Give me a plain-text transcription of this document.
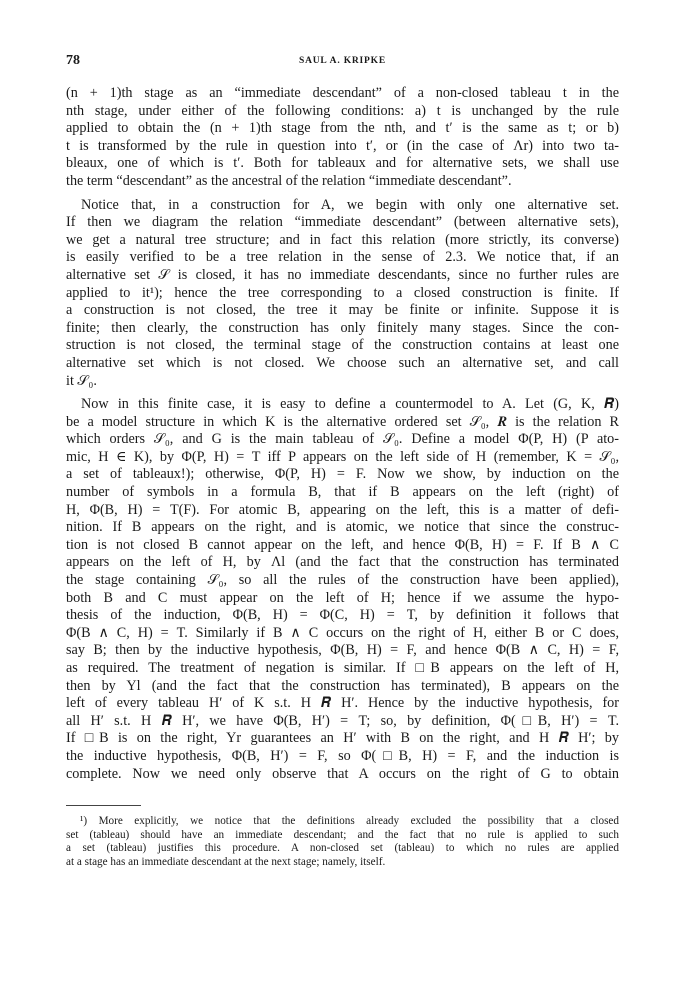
78	SAUL A. KRIPKE
(n + 1)th stage as an “immediate descendant” of a non-closed tableau t in the
nth stage, under either of the following conditions: a) t is unchanged by the rule
applied to obtain the (n + 1)th stage from the nth, and t′ is the same as t; or b)
t is transformed by the rule in question into t′, or (in the case of Λr) into two ta-
bleaux, one of which is t′. Both for tableaux and for alternative sets, we shall use
the term “descendant” as the ancestral of the relation “immediate descendant”.
Notice that, in a construction for A, we begin with only one alternative set.
If then we diagram the relation “immediate descendant” (between alternative sets),
we get a natural tree structure; and in fact this relation (more strictly, its converse)
is easily verified to be a tree relation in the sense of 2.3. We notice that, if an
alternative set 𝒮 is closed, it has no immediate descendants, since no further rules are
applied to it¹); hence the tree corresponding to a closed construction is finite. If
a construction is not closed, the tree it may be finite or infinite. Suppose it is
finite; then clearly, the construction has only finitely many stages. Since the con-
struction is not closed, the terminal stage of the construction contains at least one
alternative set which is not closed. We choose such an alternative set, and call
it 𝒮₀.
Now in this finite case, it is easy to define a countermodel to A. Let (G, K, 𝑹)
be a model structure in which K is the alternative ordered set 𝒮₀, 𝑹 is the relation R
which orders 𝒮₀, and G is the main tableau of 𝒮₀. Define a model Φ(P, H) (P ato-
mic, H ∈ K), by Φ(P, H) = T iff P appears on the left side of H (remember, K = 𝒮₀,
a set of tableaux!); otherwise, Φ(P, H) = F. Now we show, by induction on the
number of symbols in a formula B, that if B appears on the left (right) of
H, Φ(B, H) = T(F). For atomic B, appearing on the left, this is a matter of defi-
nition. If B appears on the right, and is atomic, we notice that since the construc-
tion is not closed B cannot appear on the left, and hence Φ(B, H) = F. If B ∧ C
appears on the left of H, by Λl (and the fact that the construction has terminated
the stage containing 𝒮₀, so all the rules of the construction have been applied),
both B and C must appear on the left of H; hence if we assume the hypo-
thesis of the induction, Φ(B, H) = Φ(C, H) = T, by definition it follows that
Φ(B ∧ C, H) = T. Similarly if B ∧ C occurs on the right of H, either B or C does,
say B; then by the inductive hypothesis, Φ(B, H) = F, and hence Φ(B ∧ C, H) = F,
as required. The treatment of negation is similar. If □B appears on the left of H,
then by Yl (and the fact that the construction has terminated), B appears on the
left of every tableau H′ of K s.t. H 𝑹 H′. Hence by the inductive hypothesis, for
all H′ s.t. H 𝑹 H′, we have Φ(B, H′) = T; so, by definition, Φ(□B, H′) = T.
If □B is on the right, Yr guarantees an H′ with B on the right, and H 𝑹 H′; by
the inductive hypothesis, Φ(B, H′) = F, so Φ(□B, H) = F, and the induction is
complete. Now we need only observe that A occurs on the right of G to obtain
¹) More explicitly, we notice that the definitions already excluded the possibility that a closed
set (tableau) should have an immediate descendant; and the fact that no rule is applied to such
a set (tableau) justifies this procedure. A non-closed set (tableau) to which no rules are applied
at a stage has an immediate descendant at the next stage; namely, itself.
